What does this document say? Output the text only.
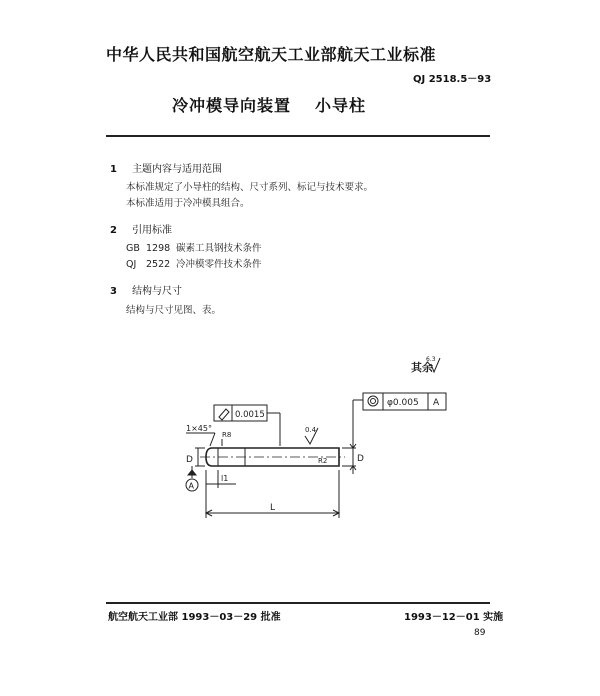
中华人民共和国航空航天工业部航天工业标准
QJ 2518.5－93
冷冲模导向装置 小导柱
1 主题内容与适用范围
本标准规定了小导柱的结构、尺寸系列、标记与技术要求。
本标准适用于冷冲模具组合。
2 引用标准
GB 1298 碳素工具钢技术条件
QJ 2522 冷冲模零件技术条件
3 结构与尺寸
结构与尺寸见图、表。
其余
6.3
φ0.005 A
0.0015
1×45°
R8
0.4
R2
D	D
A
l1
L
航空航天工业部 1993－03－29 批准	1993－12－01 实施
89
